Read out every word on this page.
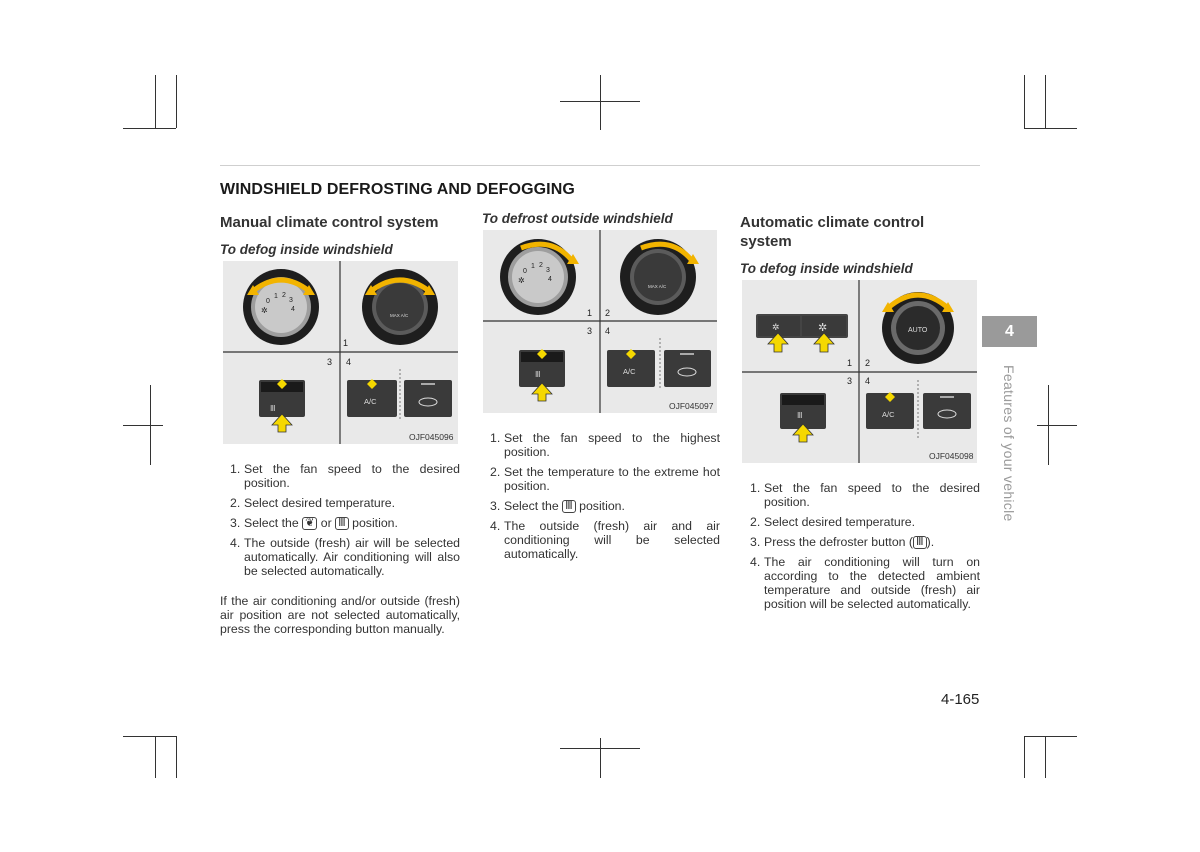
WINDSHIELD DEFROSTING AND DEFOGGING
Manual climate control system
To defog inside windshield
0
1 2
3
4
✲
MAX A/C
1
3 4
Ⅲ
A/C
OJF045096
1. Set the fan speed to the desired position.
2. Select desired temperature.
3. Select the ❦ or Ⅲ position.
4. The outside (fresh) air will be selected automatically. Air conditioning will also be selected automatically.
If the air conditioning and/or outside (fresh) air position are not selected automatically, press the corresponding button manually.
To defrost outside windshield
0
1 2
3
4
✲
MAX A/C
1 2
3 4
Ⅲ	A/C
OJF045097
1. Set the fan speed to the highest position.
2. Set the temperature to the extreme hot position.
3. Select the Ⅲ position.
4. The outside (fresh) air and air conditioning will be selected automatically.
Automatic climate control system
To defog inside windshield
✲	✲	AUTO
1 2
3 4
Ⅲ	A/C
OJF045098
1. Set the fan speed to the desired position.
2. Select desired temperature.
3. Press the defroster button ( Ⅲ ).
4. The air conditioning will turn on according to the detected ambient temperature and outside (fresh) air position will be selected automatically.
4
Features of your vehicle
4-165
